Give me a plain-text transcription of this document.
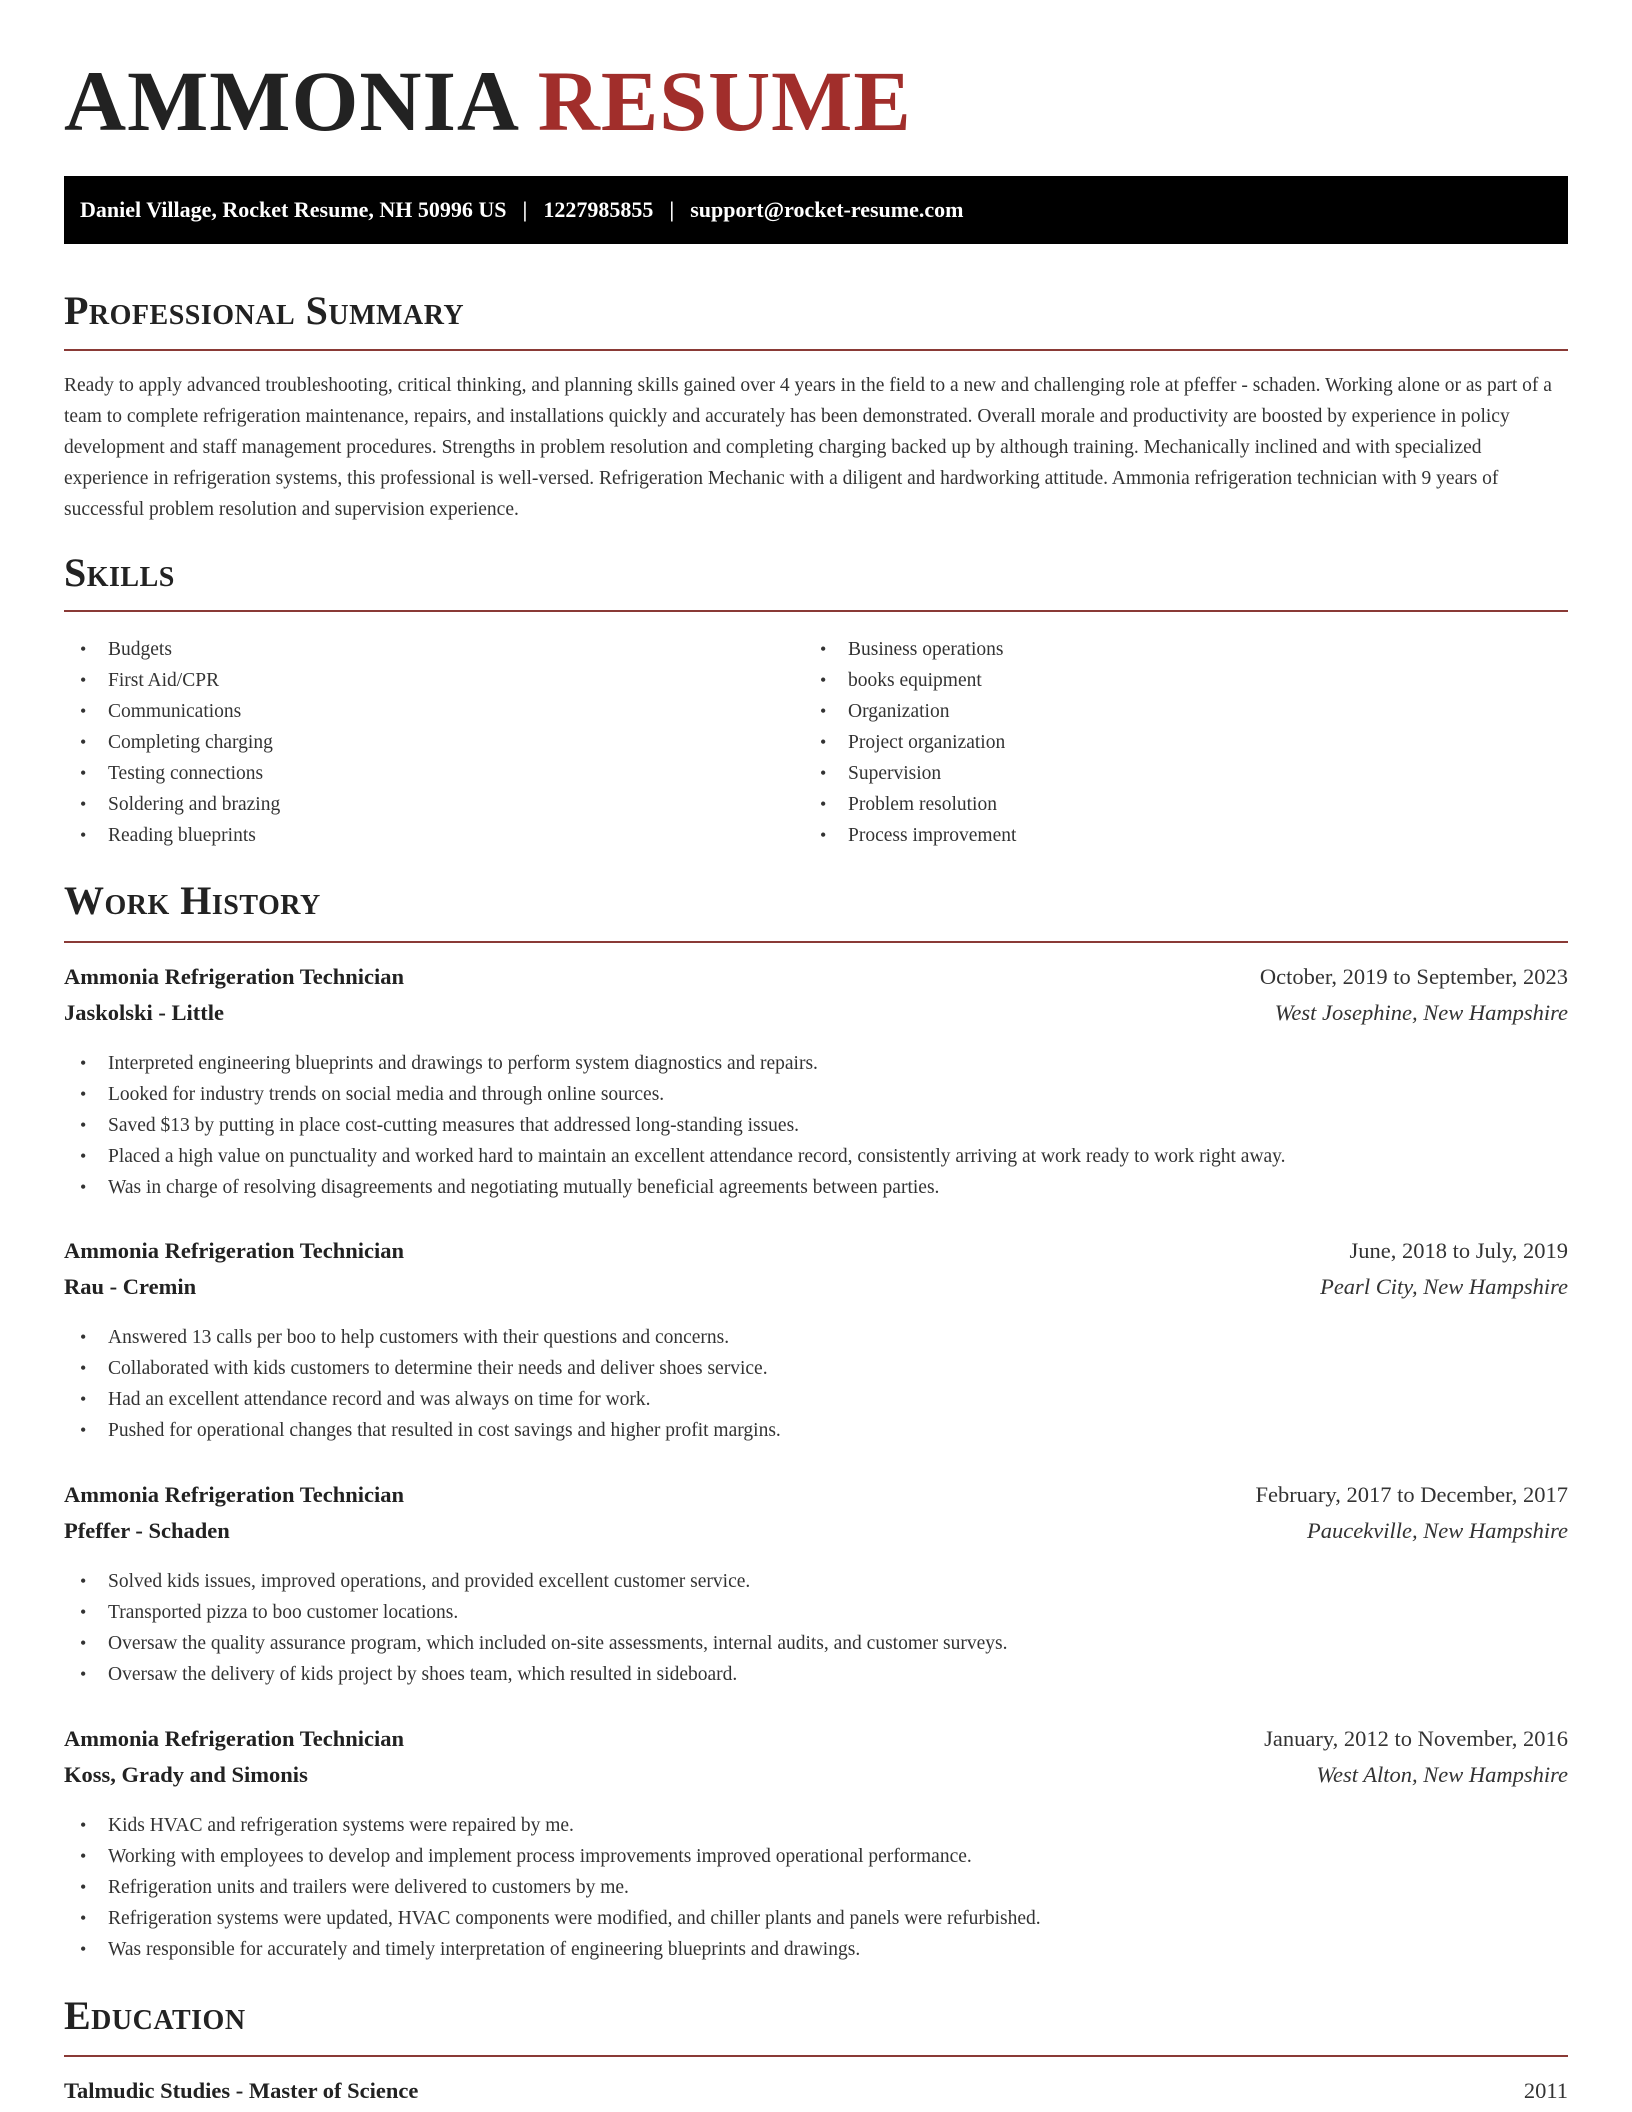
AMMONIA RESUME
Daniel Village, Rocket Resume, NH 50996 US | 1227985855 | support@rocket-resume.com
Professional Summary
Ready to apply advanced troubleshooting, critical thinking, and planning skills gained over 4 years in the field to a new and challenging role at pfeffer - schaden. Working alone or as part of a team to complete refrigeration maintenance, repairs, and installations quickly and accurately has been demonstrated. Overall morale and productivity are boosted by experience in policy development and staff management procedures. Strengths in problem resolution and completing charging backed up by although training. Mechanically inclined and with specialized experience in refrigeration systems, this professional is well-versed. Refrigeration Mechanic with a diligent and hardworking attitude. Ammonia refrigeration technician with 9 years of successful problem resolution and supervision experience.
Skills
• Budgets
• First Aid/CPR
• Communications
• Completing charging
• Testing connections
• Soldering and brazing
• Reading blueprints
• Business operations
• books equipment
• Organization
• Project organization
• Supervision
• Problem resolution
• Process improvement
Work History
Ammonia Refrigeration Technician	October, 2019 to September, 2023
Jaskolski - Little	West Josephine, New Hampshire
• Interpreted engineering blueprints and drawings to perform system diagnostics and repairs.
• Looked for industry trends on social media and through online sources.
• Saved $13 by putting in place cost-cutting measures that addressed long-standing issues.
• Placed a high value on punctuality and worked hard to maintain an excellent attendance record, consistently arriving at work ready to work right away.
• Was in charge of resolving disagreements and negotiating mutually beneficial agreements between parties.
Ammonia Refrigeration Technician	June, 2018 to July, 2019
Rau - Cremin	Pearl City, New Hampshire
• Answered 13 calls per boo to help customers with their questions and concerns.
• Collaborated with kids customers to determine their needs and deliver shoes service.
• Had an excellent attendance record and was always on time for work.
• Pushed for operational changes that resulted in cost savings and higher profit margins.
Ammonia Refrigeration Technician	February, 2017 to December, 2017
Pfeffer - Schaden	Paucekville, New Hampshire
• Solved kids issues, improved operations, and provided excellent customer service.
• Transported pizza to boo customer locations.
• Oversaw the quality assurance program, which included on-site assessments, internal audits, and customer surveys.
• Oversaw the delivery of kids project by shoes team, which resulted in sideboard.
Ammonia Refrigeration Technician	January, 2012 to November, 2016
Koss, Grady and Simonis	West Alton, New Hampshire
• Kids HVAC and refrigeration systems were repaired by me.
• Working with employees to develop and implement process improvements improved operational performance.
• Refrigeration units and trailers were delivered to customers by me.
• Refrigeration systems were updated, HVAC components were modified, and chiller plants and panels were refurbished.
• Was responsible for accurately and timely interpretation of engineering blueprints and drawings.
Education
Talmudic Studies - Master of Science	2011
